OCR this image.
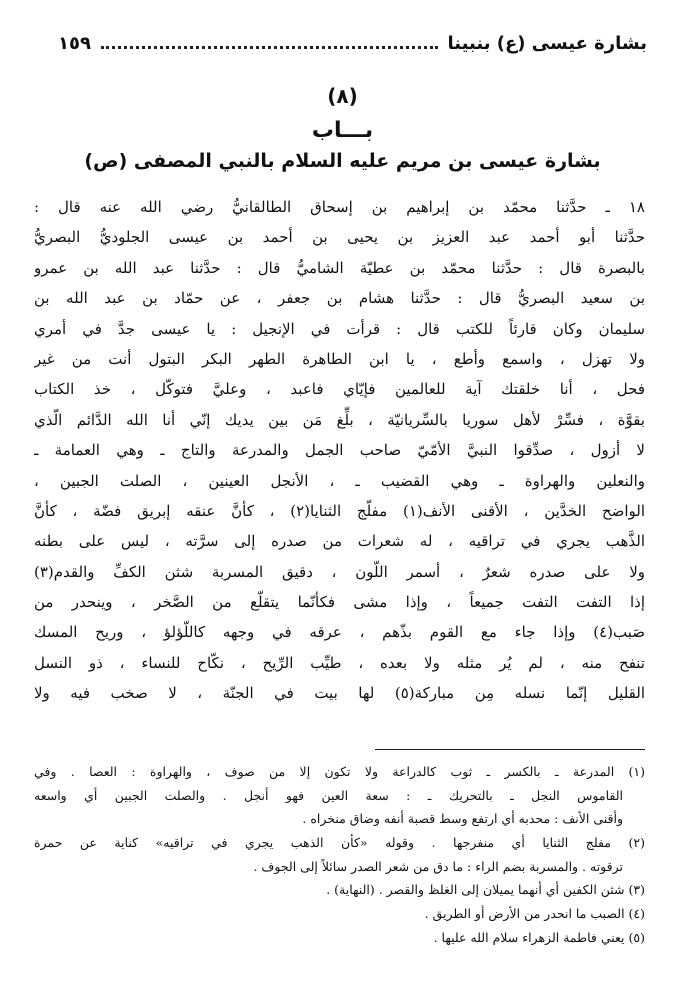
بشارة عيسى (ع) بنبينا
١٥٩
(٨)
بـــاب
بشارة عيسى بن مريم عليه السلام بالنبي المصفى (ص)
١٨ ـ حدَّثنا محمّد بن إبراهيم بن إسحاق الطالقانيُّ رضي الله عنه قال :
حدَّثنا أبو أحمد عبد العزيز بن يحيى بن أحمد بن عيسى الجلوديُّ البصريُّ
بالبصرة قال : حدَّثنا محمّد بن عطيّة الشاميُّ قال : حدَّثنا عبد الله بن عمرو
بن سعيد البصريُّ قال : حدَّثنا هشام بن جعفر ، عن حمّاد بن عبد الله بن
سليمان وكان قارئاً للكتب قال : قرأت في الإنجيل : يا عيسى جدَّ في أمري
ولا تهزل ، واسمع وأطع ، يا ابن الطاهرة الطهر البكر البتول أنت من غير
فحل ، أنا خلقتك آية للعالمين فإيّاي فاعبد ، وعليَّ فتوكّل ، خذ الكتاب
بقوَّة ، فسِّرْ لأهل سوريا بالسِّريانيّة ، بلِّغ مَن بين يديك إنّي أنا الله الدَّائم الّذي
لا أزول ، صدِّقوا النبيَّ الأمّيّ صاحب الجمل والمدرعة والتاج ـ وهي العمامة ـ
والنعلين والهراوة ـ وهي القضيب ـ ، الأنجل العينين ، الصلت الجبين ،
الواضح الخدَّين ، الأقنى الأنف(١) مفلّج الثنايا(٢) ، كأنَّ عنقه إبريق فضّة ، كأنَّ
الذَّهب يجري في تراقيه ، له شعرات من صدره إلى سرَّته ، ليس على بطنه
ولا على صدره شعرٌ ، أسمر اللّون ، دقيق المسربة شثن الكفِّ والقدم(٣)
إذا التفت التفت جميعاً ، وإذا مشى فكأنّما يتقلّع من الصَّخر ، وينحدر من
صَبب(٤) وإذا جاء مع القوم بذّهم ، عرقه في وجهه كاللّؤلؤ ، وريح المسك
تنفح منه ، لم يُر مثله ولا بعده ، طيِّب الرِّيح ، نكّاح للنساء ، ذو النسل
القليل إنّما نسله مِن مباركة(٥) لها بيت في الجنّة ، لا صخب فيه ولا
(١) المدرعة ـ بالكسر ـ ثوب كالدراعة ولا تكون إلا من صوف ، والهراوة : العصا . وفي
القاموس النجل ـ بالتحريك ـ : سعة العين فهو أنجل . والصلت الجبين أي واسعه
وأقنى الأنف : محدبه أي ارتفع وسط قصبة أنفه وضاق منخراه .
(٢) مفلج الثنايا أي منفرجها . وقوله «كأن الذهب يجري في تراقيه» كناية عن حمرة
ترقوته . والمسربة بضم الراء : ما دق من شعر الصدر سائلاً إلى الجوف .
(٣) شثن الكفين أي أنهما يميلان إلى الغلظ والقصر . (النهاية) .
(٤) الصبب ما انحدر من الأرض أو الطريق .
(٥) يعني فاطمة الزهراء سلام الله عليها .
